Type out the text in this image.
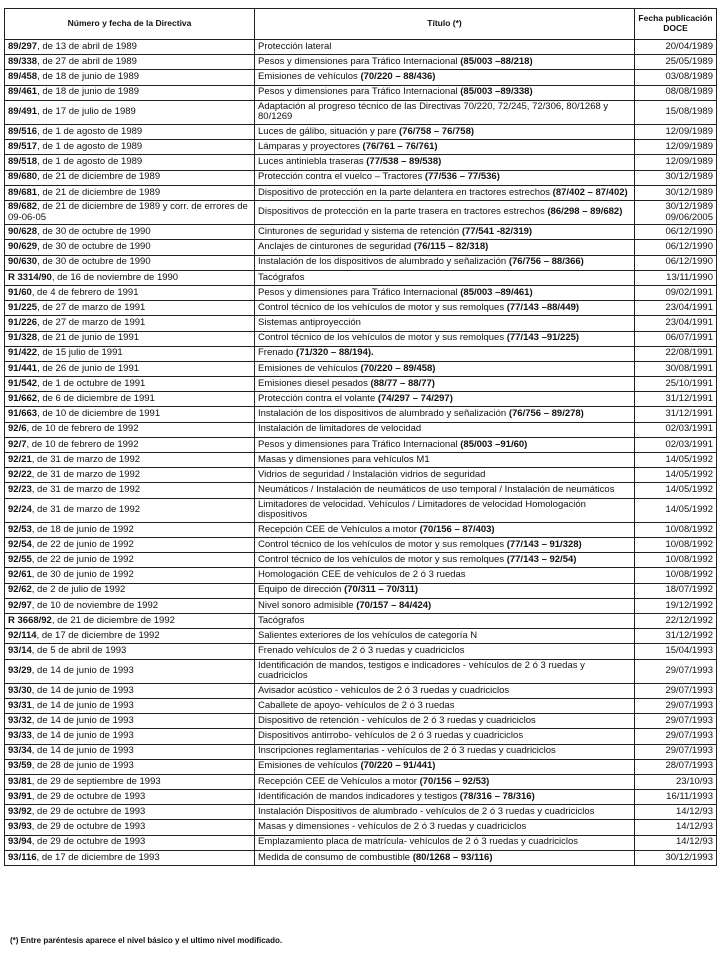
Número y fecha de la Directiva	Título (*)	Fecha publicación DOCE
89/297, de 13 de abril de 1989	Protección lateral	20/04/1989

89/338, de 27 de abril de 1989	Pesos y dimensiones para Tráfico Internacional (85/003 –88/218)	25/05/1989

89/458, de 18 de junio de 1989	Emisiones de vehículos (70/220 – 88/436)	03/08/1989

89/461, de 18 de junio de 1989	Pesos y dimensiones para Tráfico Internacional (85/003 –89/338)	08/08/1989

89/491, de 17 de julio de 1989	Adaptación al progreso técnico de las Directivas 70/220, 72/245, 72/306, 80/1268 y 80/1269	15/08/1989

89/516, de 1 de agosto de 1989	Luces de gálibo, situación y pare (76/758 – 76/758)	12/09/1989

89/517, de 1 de agosto de 1989	Lámparas y proyectores (76/761 – 76/761)	12/09/1989

89/518, de 1 de agosto de 1989	Luces antiniebla traseras (77/538 – 89/538)	12/09/1989

89/680, de 21 de diciembre de 1989	Protección contra el vuelco – Tractores (77/536 – 77/536)	30/12/1989

89/681, de 21 de diciembre de 1989	Dispositivo de protección en la parte delantera en tractores estrechos (87/402 – 87/402)	30/12/1989

89/682, de 21 de diciembre de 1989 y corr. de errores de 09-06-05	Dispositivos de protección en la parte trasera en tractores estrechos (86/298 – 89/682)	30/12/1989
09/06/2005

90/628, de 30 de octubre de 1990	Cinturones de seguridad y sistema de retención (77/541 -82/319)	06/12/1990

90/629, de 30 de octubre de 1990	Anclajes de cinturones de seguridad (76/115 – 82/318)	06/12/1990

90/630, de 30 de octubre de 1990	Instalación de los dispositivos de alumbrado y señalización (76/756 – 88/366)	06/12/1990

R 3314/90, de 16 de noviembre de 1990	Tacógrafos	13/11/1990

91/60, de 4 de febrero de 1991	Pesos y dimensiones para Tráfico Internacional (85/003 –89/461)	09/02/1991

91/225, de 27 de marzo de 1991	Control técnico de los vehículos de motor y sus remolques (77/143 –88/449)	23/04/1991

91/226, de 27 de marzo de 1991	Sistemas antiproyección	23/04/1991

91/328, de 21 de junio de 1991	Control técnico de los vehículos de motor y sus remolques (77/143 –91/225)	06/07/1991

91/422, de 15 julio de 1991	Frenado (71/320 – 88/194).	22/08/1991

91/441, de 26 de junio de 1991	Emisiones de vehículos (70/220 – 89/458)	30/08/1991

91/542, de 1 de octubre de 1991	Emisiones diesel pesados (88/77 – 88/77)	25/10/1991

91/662, de 6 de diciembre de 1991	Protección contra el volante (74/297 – 74/297)	31/12/1991

91/663, de 10 de diciembre de 1991	Instalación de los dispositivos de alumbrado y señalización (76/756 – 89/278)	31/12/1991

92/6, de 10 de febrero de 1992	Instalación de limitadores de velocidad	02/03/1991

92/7, de 10 de febrero de 1992	Pesos y dimensiones para Tráfico Internacional (85/003 –91/60)	02/03/1991

92/21, de 31 de marzo de 1992	Masas y dimensiones para vehículos M1	14/05/1992

92/22, de 31 de marzo de 1992	Vidrios de seguridad / Instalación vidrios de seguridad	14/05/1992

92/23, de 31 de marzo de 1992	Neumáticos / Instalación de neumáticos de uso temporal / Instalación de neumáticos	14/05/1992

92/24, de 31 de marzo de 1992	Limitadores de velocidad. Vehículos / Limitadores de velocidad Homologación dispositivos	14/05/1992

92/53, de 18 de junio de 1992	Recepción CEE de Vehículos a motor (70/156 – 87/403)	10/08/1992

92/54, de 22 de junio de 1992	Control técnico de los vehículos de motor y sus remolques (77/143 – 91/328)	10/08/1992

92/55, de 22 de junio de 1992	Control técnico de los vehículos de motor y sus remolques (77/143 – 92/54)	10/08/1992

92/61, de 30 de junio de 1992	Homologación CEE de vehículos de 2 ó 3 ruedas	10/08/1992

92/62, de 2 de julio de 1992	Equipo de dirección (70/311 – 70/311)	18/07/1992

92/97, de 10 de noviembre de 1992	Nivel sonoro admisible (70/157 – 84/424)	19/12/1992

R 3668/92, de 21 de diciembre de 1992	Tacógrafos	22/12/1992

92/114, de 17 de diciembre de 1992	Salientes exteriores de los vehículos de categoría N	31/12/1992

93/14, de 5 de abril de 1993	Frenado vehículos de 2 ó 3 ruedas y cuadriciclos	15/04/1993

93/29, de 14 de junio de 1993	Identificación de mandos, testigos e indicadores - vehículos de 2 ó 3 ruedas y cuadriciclos	29/07/1993

93/30, de 14 de junio de 1993	Avisador acústico - vehículos de 2 ó 3 ruedas y cuadriciclos	29/07/1993

93/31, de 14 de junio de 1993	Caballete de apoyo- vehículos de 2 ó 3 ruedas	29/07/1993

93/32, de 14 de junio de 1993	Dispositivo de retención - vehículos de 2 ó 3 ruedas y cuadriciclos	29/07/1993

93/33, de 14 de junio de 1993	Dispositivos antirrobo- vehículos de 2 ó 3 ruedas y cuadriciclos	29/07/1993

93/34, de 14 de junio de 1993	Inscripciones reglamentarias - vehículos de 2 ó 3 ruedas y cuadriciclos	29/07/1993

93/59, de 28 de junio de 1993	Emisiones de vehículos (70/220 – 91/441)	28/07/1993

93/81, de 29 de septiembre de 1993	Recepción CEE de Vehículos a motor (70/156 – 92/53)	23/10/93

93/91, de 29 de octubre de 1993	Identificación de mandos indicadores y testigos (78/316 – 78/316)	16/11/1993

93/92, de 29 de octubre de 1993	Instalación Dispositivos de alumbrado - vehículos de 2 ó 3 ruedas y cuadriciclos	14/12/93

93/93, de 29 de octubre de 1993	Masas y dimensiones - vehículos de 2 ó 3 ruedas y cuadriciclos	14/12/93

93/94, de 29 de octubre de 1993	Emplazamiento placa de matrícula- vehículos de 2 ó 3 ruedas y cuadriciclos	14/12/93

93/116, de 17 de diciembre de 1993	Medida de consumo de combustible (80/1268 – 93/116)	30/12/1993
(*) Entre paréntesis aparece el nivel básico y el ultimo nivel modificado.
